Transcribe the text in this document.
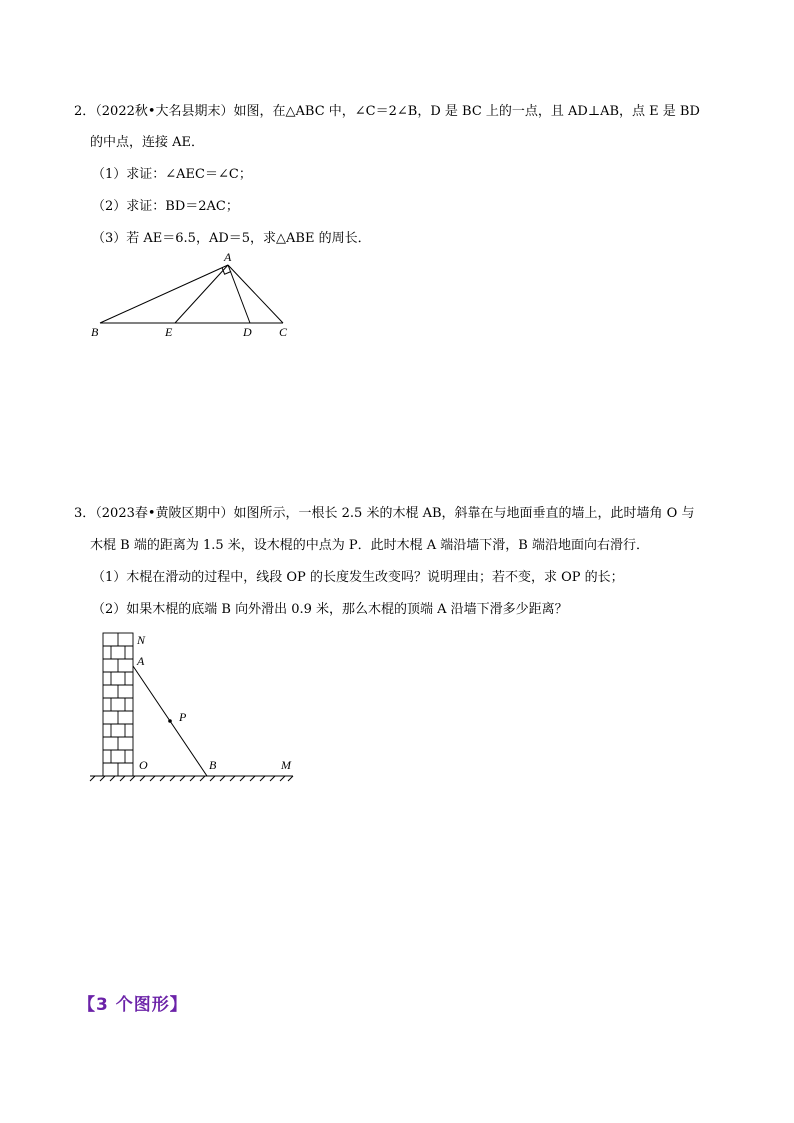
2．（2022秋•大名县期末）如图，在△ABC 中，∠C＝2∠B，D 是 BC 上的一点，且 AD⊥AB，点 E 是 BD
的中点，连接 AE．
（1）求证：∠AEC＝∠C；
（2）求证：BD＝2AC；
（3）若 AE＝6.5，AD＝5，求△ABE 的周长．
A
B	E	D C
3．（2023春•黄陂区期中）如图所示，一根长 2.5 米的木棍 AB，斜靠在与地面垂直的墙上，此时墙角 O 与
木棍 B 端的距离为 1.5 米，设木棍的中点为 P．此时木棍 A 端沿墙下滑，B 端沿地面向右滑行．
（1）木棍在滑动的过程中，线段 OP 的长度发生改变吗？说明理由；若不变，求 OP 的长；
（2）如果木棍的底端 B 向外滑出 0.9 米，那么木棍的顶端 A 沿墙下滑多少距离？
N
A
P
O	B	M
【3 个图形】
